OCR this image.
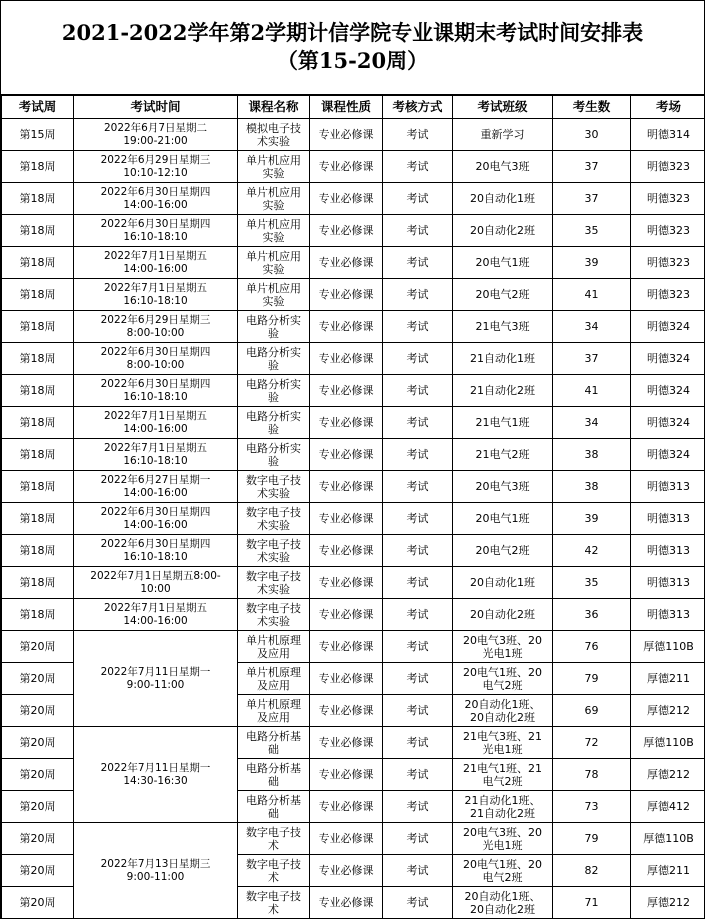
2021-2022学年第2学期计信学院专业课期末考试时间安排表
（第15-20周）
考试周	考试时间	课程名称	课程性质	考核方式	考试班级	考生数	考场
第15周	2022年6月7日星期二
19:00-21:00	模拟电子技
术实验	专业必修课	考试	重新学习	30	明德314
第18周	2022年6月29日星期三
10:10-12:10	单片机应用
实验	专业必修课	考试	20电气3班	37	明德323
第18周	2022年6月30日星期四
14:00-16:00	单片机应用
实验	专业必修课	考试	20自动化1班	37	明德323
第18周	2022年6月30日星期四
16:10-18:10	单片机应用
实验	专业必修课	考试	20自动化2班	35	明德323
第18周	2022年7月1日星期五
14:00-16:00	单片机应用
实验	专业必修课	考试	20电气1班	39	明德323
第18周	2022年7月1日星期五
16:10-18:10	单片机应用
实验	专业必修课	考试	20电气2班	41	明德323
第18周	2022年6月29日星期三
8:00-10:00	电路分析实
验	专业必修课	考试	21电气3班	34	明德324
第18周	2022年6月30日星期四
8:00-10:00	电路分析实
验	专业必修课	考试	21自动化1班	37	明德324
第18周	2022年6月30日星期四
16:10-18:10	电路分析实
验	专业必修课	考试	21自动化2班	41	明德324
第18周	2022年7月1日星期五
14:00-16:00	电路分析实
验	专业必修课	考试	21电气1班	34	明德324
第18周	2022年7月1日星期五
16:10-18:10	电路分析实
验	专业必修课	考试	21电气2班	38	明德324
第18周	2022年6月27日星期一
14:00-16:00	数字电子技
术实验	专业必修课	考试	20电气3班	38	明德313
第18周	2022年6月30日星期四
14:00-16:00	数字电子技
术实验	专业必修课	考试	20电气1班	39	明德313
第18周	2022年6月30日星期四
16:10-18:10	数字电子技
术实验	专业必修课	考试	20电气2班	42	明德313
第18周	2022年7月1日星期五8:00-
10:00	数字电子技
术实验	专业必修课	考试	20自动化1班	35	明德313
第18周	2022年7月1日星期五
14:00-16:00	数字电子技
术实验	专业必修课	考试	20自动化2班	36	明德313
第20周	2022年7月11日星期一
9:00-11:00	单片机原理
及应用	专业必修课	考试	20电气3班、20
光电1班	76	厚德110B
第20周		单片机原理
及应用	专业必修课	考试	20电气1班、20
电气2班	79	厚德211
第20周		单片机原理
及应用	专业必修课	考试	20自动化1班、
20自动化2班	69	厚德212
第20周	2022年7月11日星期一
14:30-16:30	电路分析基
础	专业必修课	考试	21电气3班、21
光电1班	72	厚德110B
第20周		电路分析基
础	专业必修课	考试	21电气1班、21
电气2班	78	厚德212
第20周		电路分析基
础	专业必修课	考试	21自动化1班、
21自动化2班	73	厚德412
第20周	2022年7月13日星期三
9:00-11:00	数字电子技
术	专业必修课	考试	20电气3班、20
光电1班	79	厚德110B
第20周		数字电子技
术	专业必修课	考试	20电气1班、20
电气2班	82	厚德211
第20周		数字电子技
术	专业必修课	考试	20自动化1班、
20自动化2班	71	厚德212
